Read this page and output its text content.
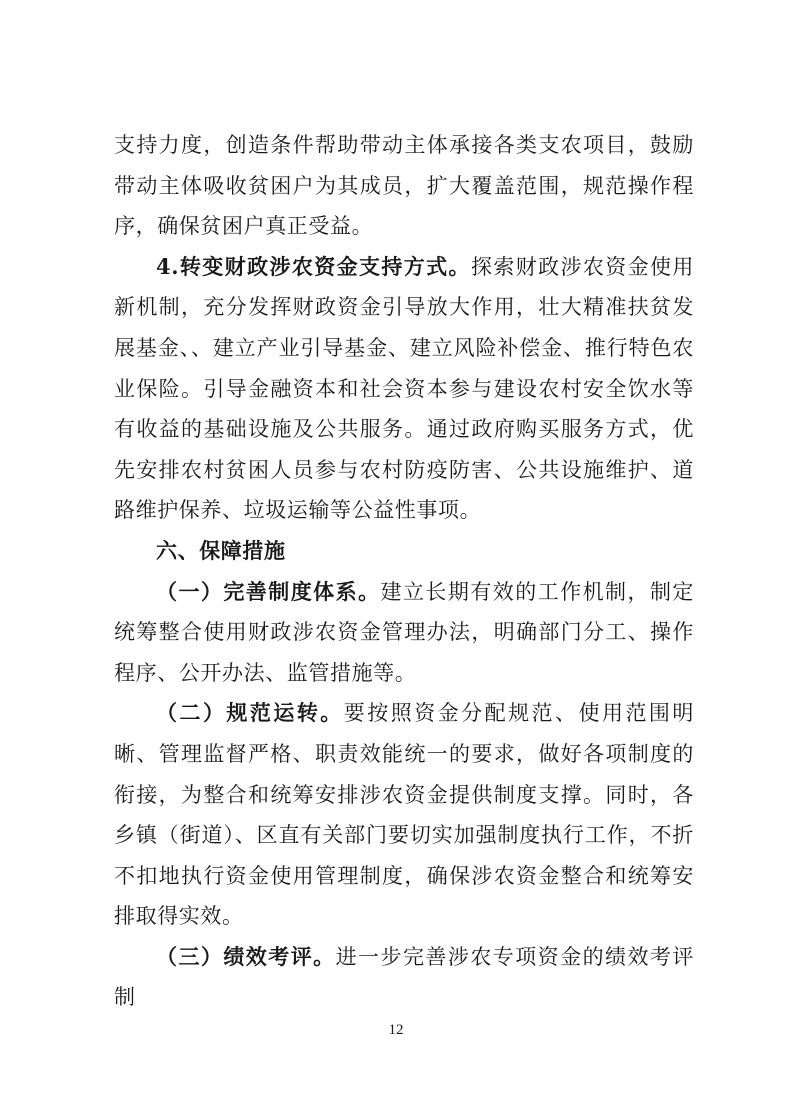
支持力度，创造条件帮助带动主体承接各类支农项目，鼓励带动主体吸收贫困户为其成员，扩大覆盖范围，规范操作程序，确保贫困户真正受益。

4.转变财政涉农资金支持方式。探索财政涉农资金使用新机制，充分发挥财政资金引导放大作用，壮大精准扶贫发展基金、、建立产业引导基金、建立风险补偿金、推行特色农业保险。引导金融资本和社会资本参与建设农村安全饮水等有收益的基础设施及公共服务。通过政府购买服务方式，优先安排农村贫困人员参与农村防疫防害、公共设施维护、道路维护保养、垃圾运输等公益性事项。

六、保障措施

（一）完善制度体系。建立长期有效的工作机制，制定统筹整合使用财政涉农资金管理办法，明确部门分工、操作程序、公开办法、监管措施等。

（二）规范运转。要按照资金分配规范、使用范围明晰、管理监督严格、职责效能统一的要求，做好各项制度的衔接，为整合和统筹安排涉农资金提供制度支撑。同时，各乡镇（街道）、区直有关部门要切实加强制度执行工作，不折不扣地执行资金使用管理制度，确保涉农资金整合和统筹安排取得实效。

（三）绩效考评。进一步完善涉农专项资金的绩效考评制

12
